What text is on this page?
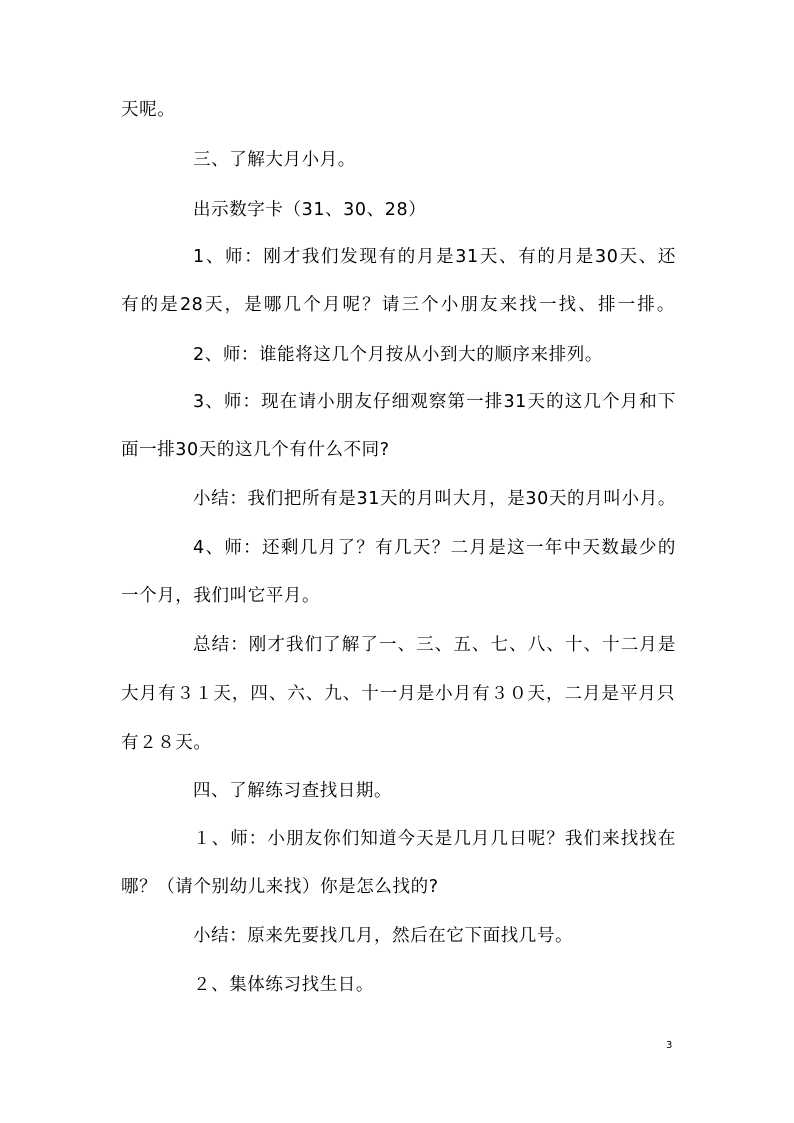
天呢。
三、了解大月小月。
出示数字卡（31、30、28）
1、师：刚才我们发现有的月是31天、有的月是30天、还
有的是28天，是哪几个月呢？请三个小朋友来找一找、排一排。
2、师：谁能将这几个月按从小到大的顺序来排列。
3、师：现在请小朋友仔细观察第一排31天的这几个月和下
面一排30天的这几个有什么不同?
小结：我们把所有是31天的月叫大月，是30天的月叫小月。
4、师：还剩几月了？有几天？二月是这一年中天数最少的
一个月，我们叫它平月。
总结：刚才我们了解了一、三、五、七、八、十、十二月是
大月有３１天，四、六、九、十一月是小月有３０天，二月是平月只
有２８天。
四、了解练习查找日期。
１、师：小朋友你们知道今天是几月几日呢？我们来找找在
哪？（请个别幼儿来找）你是怎么找的?
小结：原来先要找几月，然后在它下面找几号。
２、集体练习找生日。
3
